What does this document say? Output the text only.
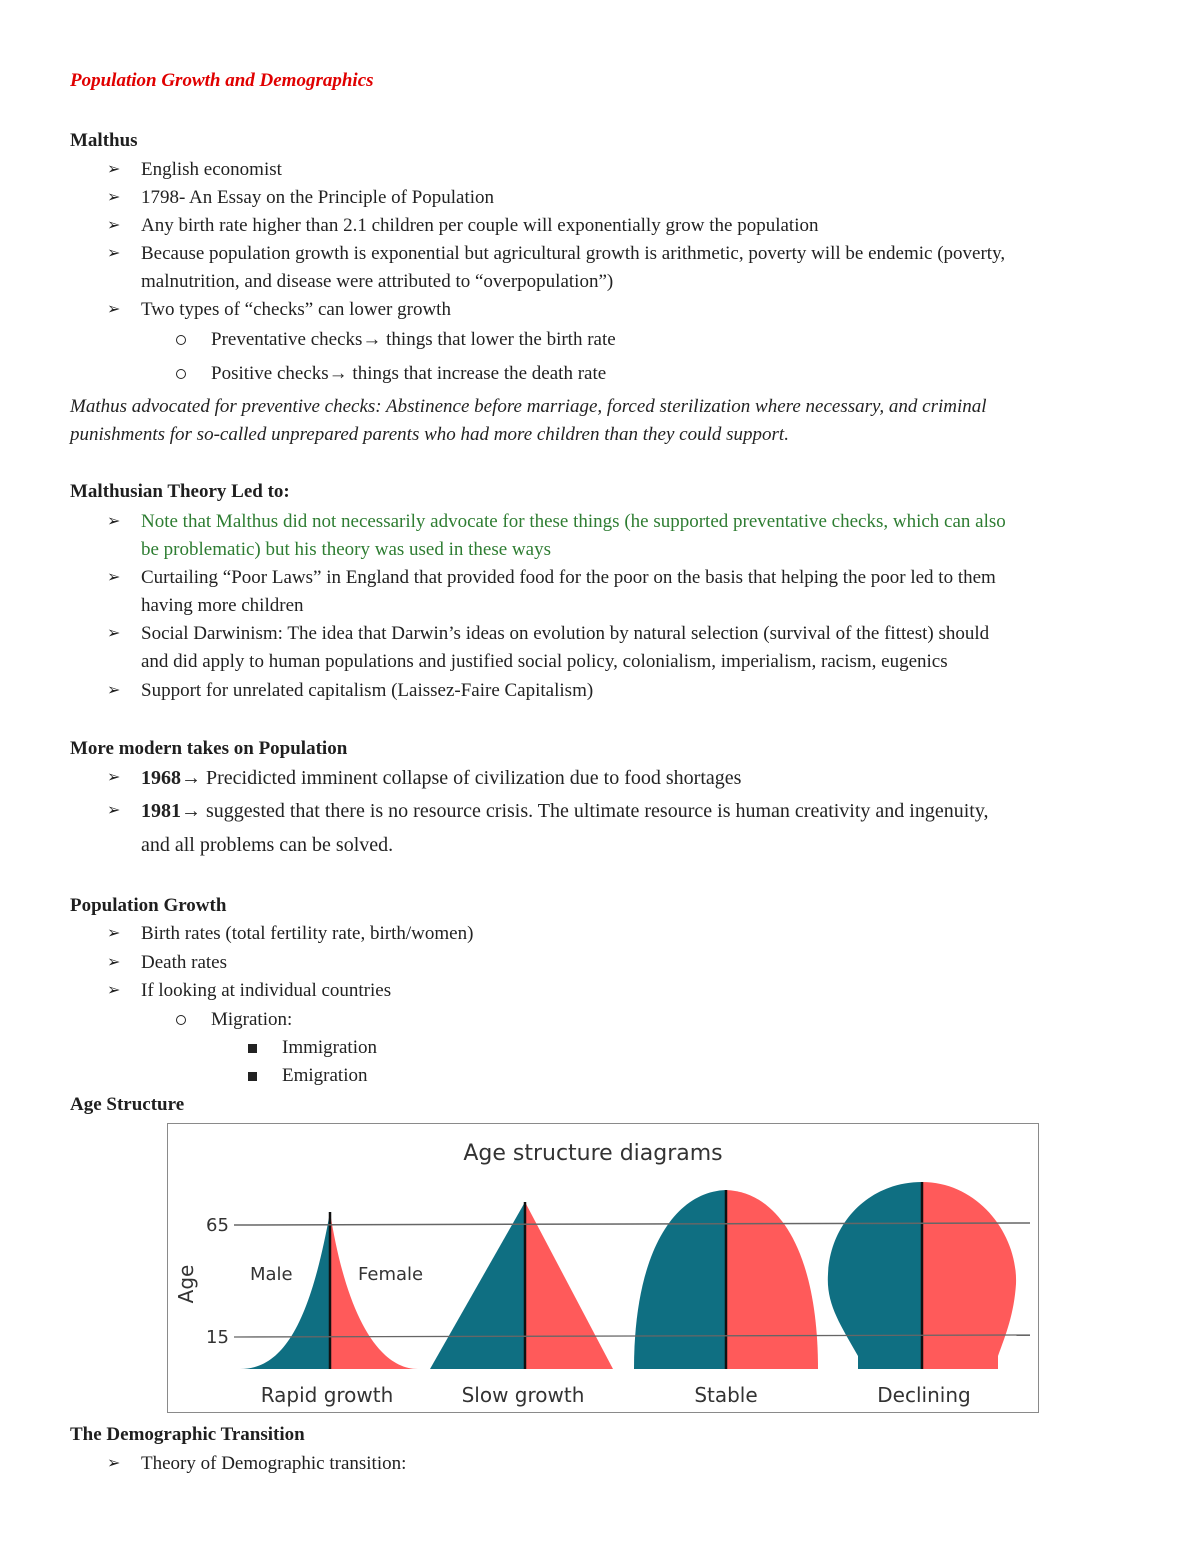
Population Growth and Demographics
Malthus
➢ English economist
➢ 1798- An Essay on the Principle of Population
➢ Any birth rate higher than 2.1 children per couple will exponentially grow the population
➢ Because population growth is exponential but agricultural growth is arithmetic, poverty will be endemic (poverty,
malnutrition, and disease were attributed to “overpopulation”)
➢ Two types of “checks” can lower growth
Preventative checks→ things that lower the birth rate
Positive checks→ things that increase the death rate
Mathus advocated for preventive checks: Abstinence before marriage, forced sterilization where necessary, and criminal
punishments for so-called unprepared parents who had more children than they could support.
Malthusian Theory Led to:
➢ Note that Malthus did not necessarily advocate for these things (he supported preventative checks, which can also
be problematic) but his theory was used in these ways
➢ Curtailing “Poor Laws” in England that provided food for the poor on the basis that helping the poor led to them
having more children
➢ Social Darwinism: The idea that Darwin’s ideas on evolution by natural selection (survival of the fittest) should
and did apply to human populations and justified social policy, colonialism, imperialism, racism, eugenics
➢ Support for unrelated capitalism (Laissez-Faire Capitalism)
More modern takes on Population
➢ 1968→ Precidicted imminent collapse of civilization due to food shortages
➢ 1981→ suggested that there is no resource crisis. The ultimate resource is human creativity and ingenuity,
and all problems can be solved.
Population Growth
➢ Birth rates (total fertility rate, birth/women)
➢ Death rates
➢ If looking at individual countries
Migration:
Immigration
Emigration
Age Structure
Age structure diagrams
65
15
Age	Male	Female
Rapid growth	Slow growth	Stable	Declining
The Demographic Transition
➢ Theory of Demographic transition:
